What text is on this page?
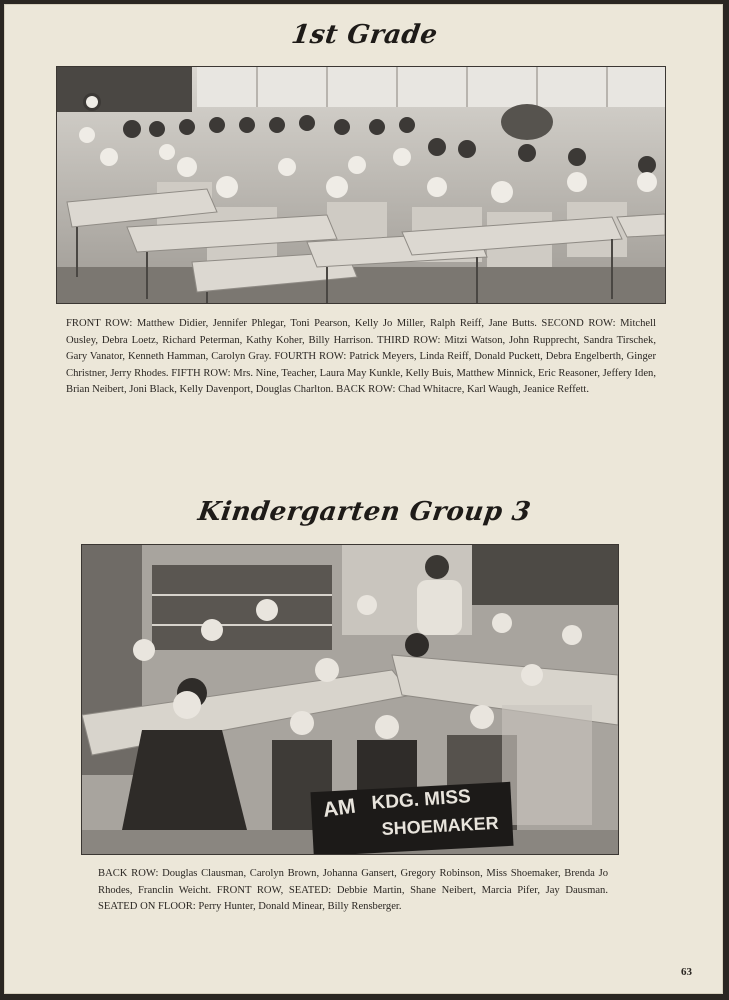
1st Grade

FRONT ROW: Matthew Didier, Jennifer Phlegar, Toni Pearson, Kelly Jo Miller, Ralph Reiff, Jane Butts. SECOND ROW: Mitchell Ousley, Debra Loetz, Richard Peterman, Kathy Koher, Billy Harrison. THIRD ROW: Mitzi Watson, John Rupprecht, Sandra Tirschek, Gary Vanator, Kenneth Hamman, Carolyn Gray. FOURTH ROW: Patrick Meyers, Linda Reiff, Donald Puckett, Debra Engelberth, Ginger Christner, Jerry Rhodes. FIFTH ROW: Mrs. Nine, Teacher, Laura May Kunkle, Kelly Buis, Matthew Minnick, Eric Reasoner, Jeffery Iden, Brian Neibert, Joni Black, Kelly Davenport, Douglas Charlton. BACK ROW: Chad Whitacre, Karl Waugh, Jeanice Reffett.

Kindergarten Group 3
AM KDG. MISS
SHOEMAKER

BACK ROW: Douglas Clausman, Carolyn Brown, Johanna Gansert, Gregory Robinson, Miss Shoemaker, Brenda Jo Rhodes, Franclin Weicht. FRONT ROW, SEATED: Debbie Martin, Shane Neibert, Marcia Pifer, Jay Dausman. SEATED ON FLOOR: Perry Hunter, Donald Minear, Billy Rensberger.

63
